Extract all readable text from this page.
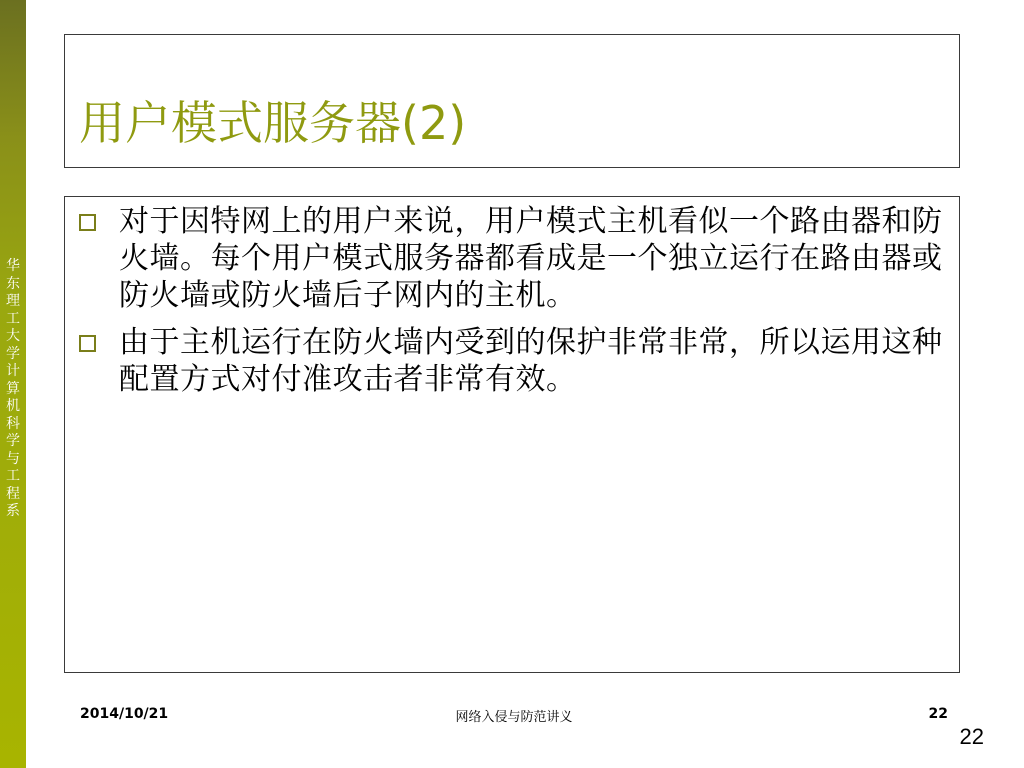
华东理工大学计算机科学与工程系
用户模式服务器(2)
对于因特网上的用户来说，用户模式主机看似一个路由器和防火墙。每个用户模式服务器都看成是一个独立运行在路由器或防火墙或防火墙后子网内的主机。
由于主机运行在防火墙内受到的保护非常非常，所以运用这种配置方式对付准攻击者非常有效。
2014/10/21	网络入侵与防范讲义	22
22
